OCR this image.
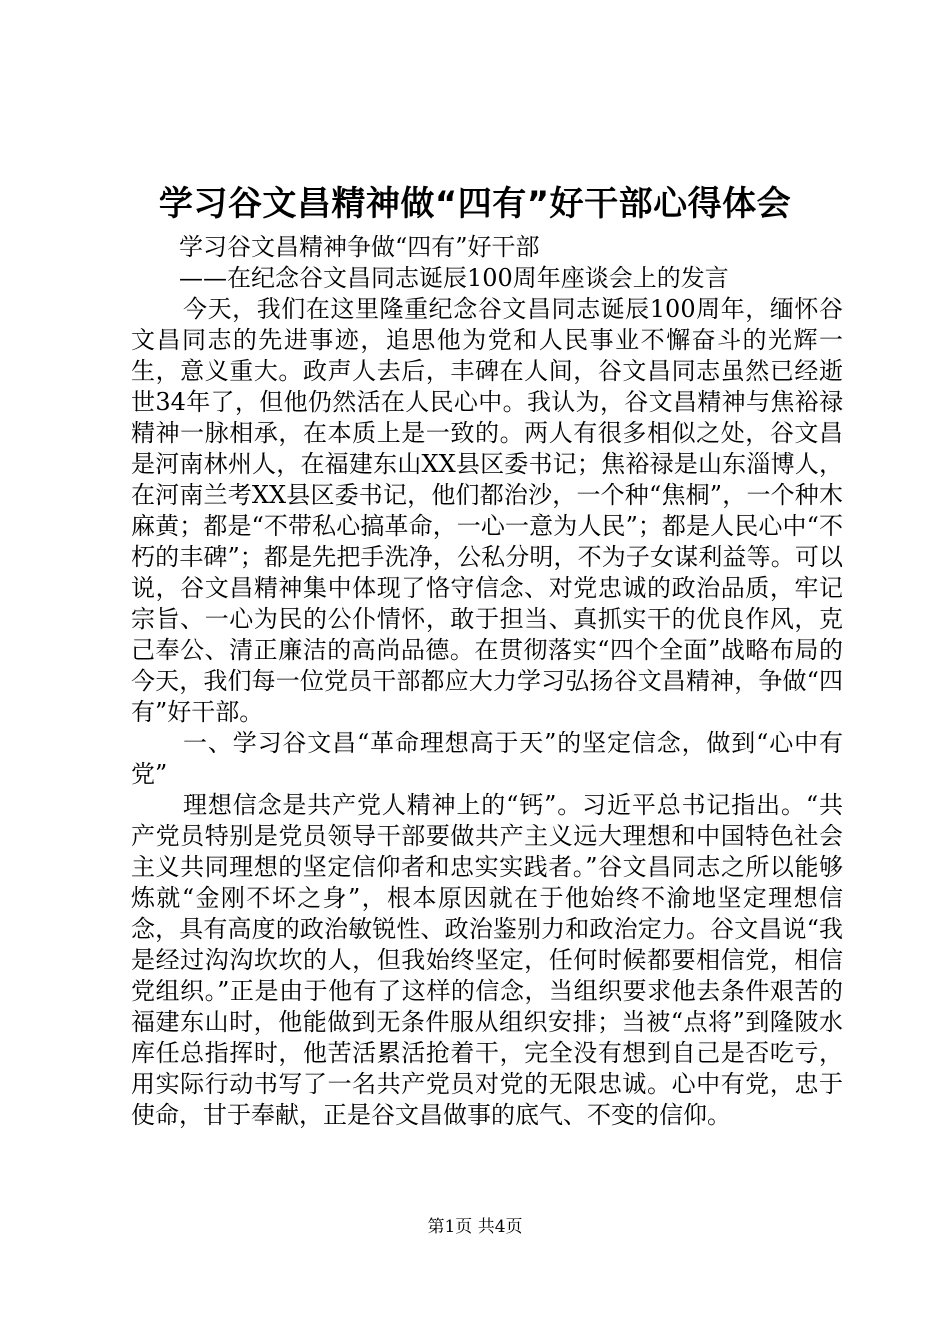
学习谷文昌精神做“四有”好干部心得体会

学习谷文昌精神争做“四有”好干部

——在纪念谷文昌同志诞辰100周年座谈会上的发言

今天，我们在这里隆重纪念谷文昌同志诞辰100周年，缅怀谷文昌同志的先进事迹，追思他为党和人民事业不懈奋斗的光辉一生，意义重大。政声人去后，丰碑在人间，谷文昌同志虽然已经逝世34年了，但他仍然活在人民心中。我认为，谷文昌精神与焦裕禄精神一脉相承，在本质上是一致的。两人有很多相似之处，谷文昌是河南林州人，在福建东山XX县区委书记；焦裕禄是山东淄博人，在河南兰考XX县区委书记，他们都治沙，一个种“焦桐”，一个种木麻黄；都是“不带私心搞革命，一心一意为人民”；都是人民心中“不朽的丰碑”；都是先把手洗净，公私分明，不为子女谋利益等。可以说，谷文昌精神集中体现了恪守信念、对党忠诚的政治品质，牢记宗旨、一心为民的公仆情怀，敢于担当、真抓实干的优良作风，克己奉公、清正廉洁的高尚品德。在贯彻落实“四个全面”战略布局的今天，我们每一位党员干部都应大力学习弘扬谷文昌精神，争做“四有”好干部。

一、学习谷文昌“革命理想高于天”的坚定信念，做到“心中有党”

理想信念是共产党人精神上的“钙”。习近平总书记指出。“共产党员特别是党员领导干部要做共产主义远大理想和中国特色社会主义共同理想的坚定信仰者和忠实实践者。”谷文昌同志之所以能够炼就“金刚不坏之身”，根本原因就在于他始终不渝地坚定理想信念，具有高度的政治敏锐性、政治鉴别力和政治定力。谷文昌说“我是经过沟沟坎坎的人，但我始终坚定，任何时候都要相信党，相信党组织。”正是由于他有了这样的信念，当组织要求他去条件艰苦的福建东山时，他能做到无条件服从组织安排；当被“点将”到隆陂水库任总指挥时，他苦活累活抢着干，完全没有想到自己是否吃亏，用实际行动书写了一名共产党员对党的无限忠诚。心中有党，忠于使命，甘于奉献，正是谷文昌做事的底气、不变的信仰。

第1页 共4页
